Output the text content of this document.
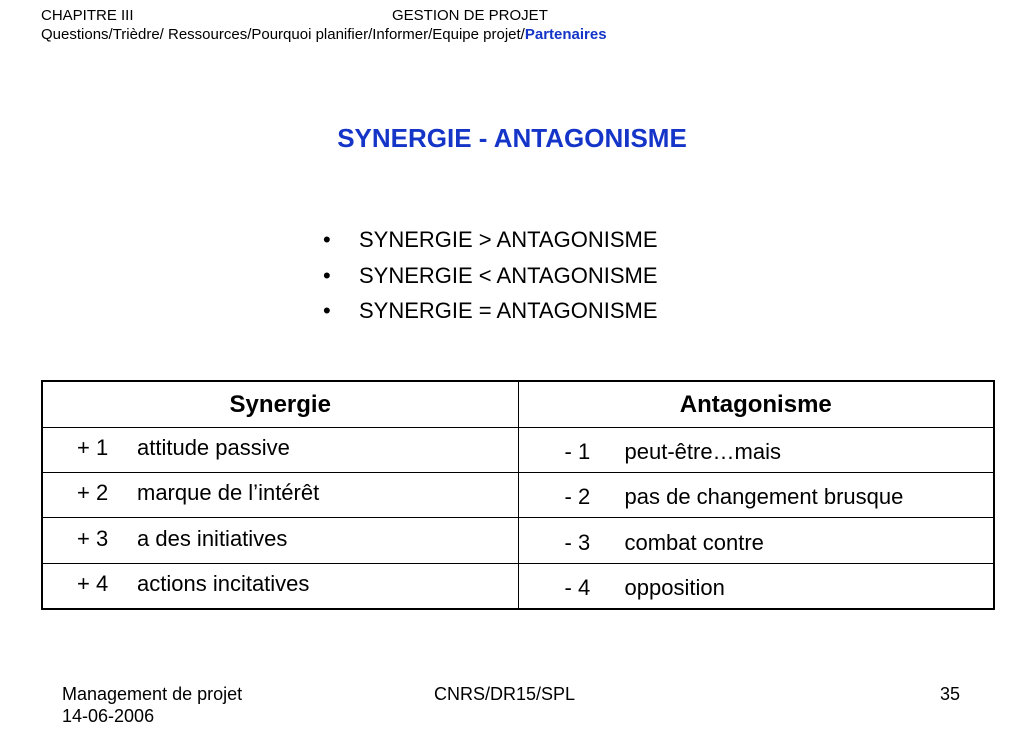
CHAPITRE III	GESTION DE PROJET
Questions/Trièdre/ Ressources/Pourquoi planifier/Informer/Equipe projet/Partenaires
SYNERGIE - ANTAGONISME
• SYNERGIE > ANTAGONISME
• SYNERGIE < ANTAGONISME
• SYNERGIE = ANTAGONISME
Synergie	Antagonisme

+ 1 attitude passive	- 1 peut-être…mais

+ 2 marque de l’intérêt	- 2 pas de changement brusque

+ 3 a des initiatives	- 3 combat contre

+ 4 actions incitatives	- 4 opposition
Management de projet
14-06-2006
CNRS/DR15/SPL	35
